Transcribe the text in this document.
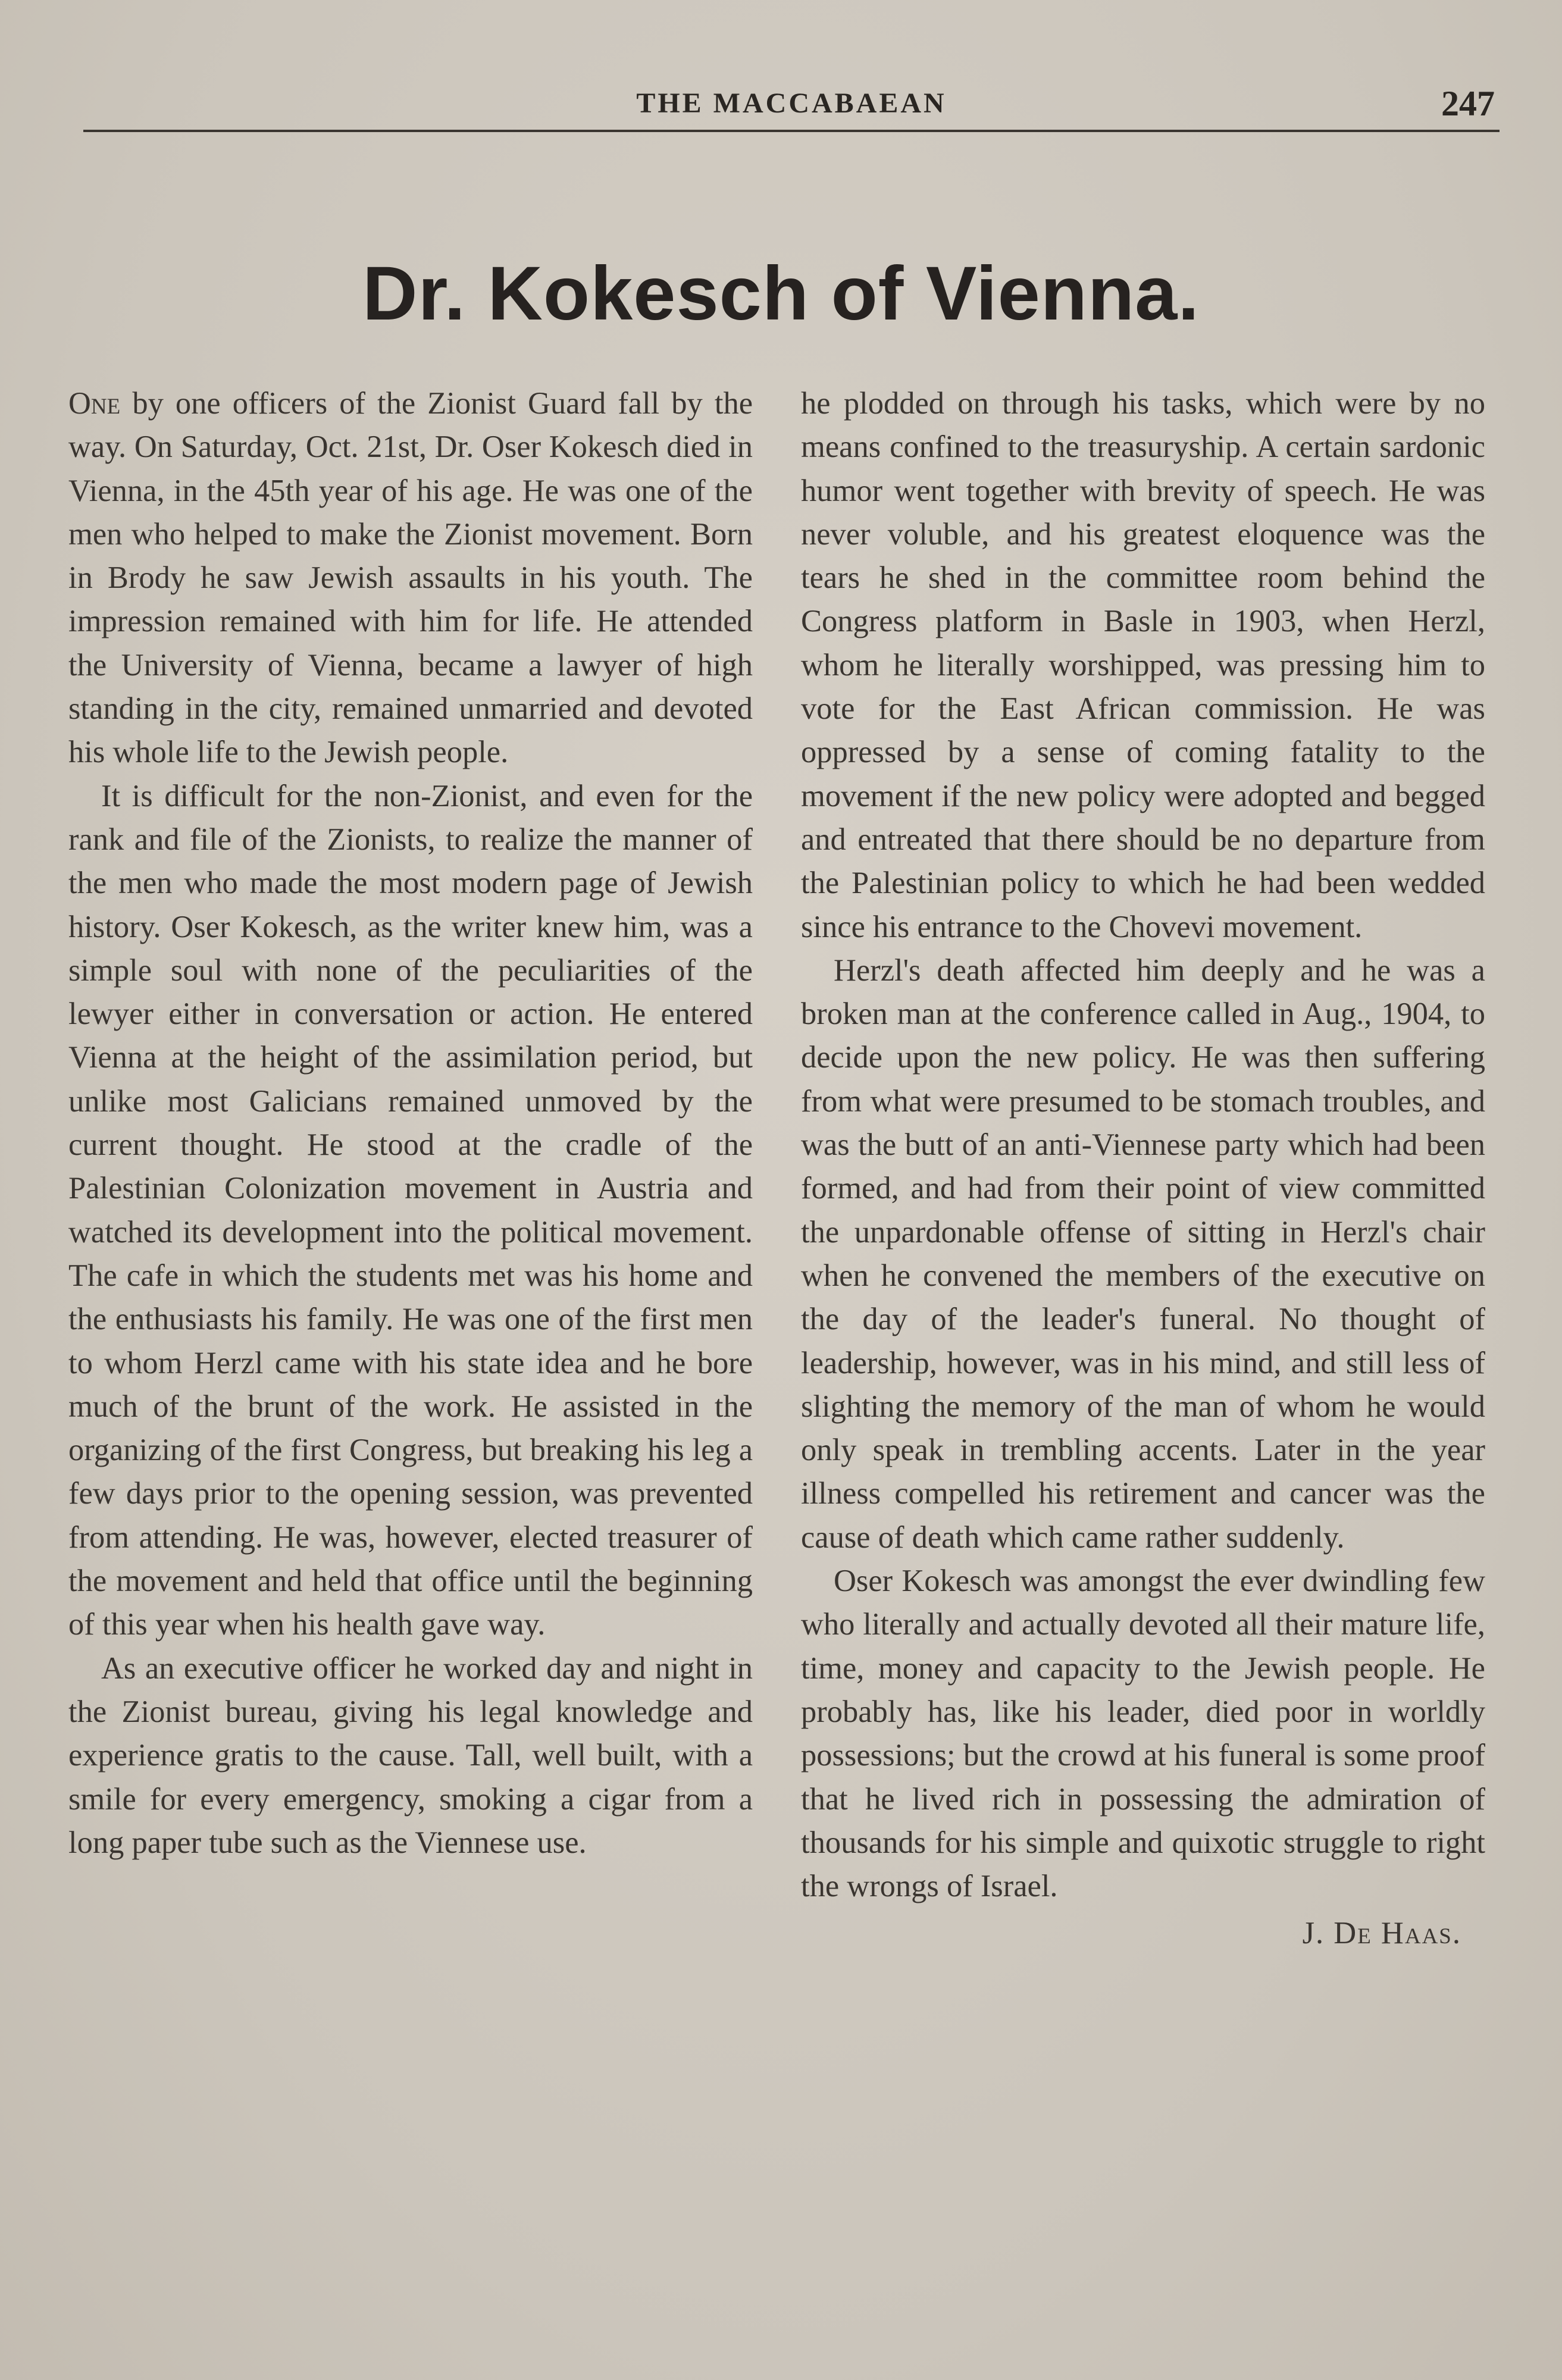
THE MACCABAEAN	247
Dr. Kokesch of Vienna.

One by one officers of the Zionist Guard fall by the way. On Saturday, Oct. 21st, Dr. Oser Kokesch died in Vienna, in the 45th year of his age. He was one of the men who helped to make the Zionist movement. Born in Brody he saw Jewish assaults in his youth. The impression remained with him for life. He attended the University of Vienna, became a lawyer of high standing in the city, remained unmarried and devoted his whole life to the Jewish people.

It is difficult for the non-Zionist, and even for the rank and file of the Zionists, to realize the manner of the men who made the most modern page of Jewish history. Oser Kokesch, as the writer knew him, was a simple soul with none of the peculiarities of the lewyer either in conversation or action. He entered Vienna at the height of the assimilation period, but unlike most Galicians remained unmoved by the current thought. He stood at the cradle of the Palestinian Colonization movement in Austria and watched its development into the political movement. The cafe in which the students met was his home and the enthusiasts his family. He was one of the first men to whom Herzl came with his state idea and he bore much of the brunt of the work. He assisted in the organizing of the first Congress, but breaking his leg a few days prior to the opening session, was prevented from attending. He was, however, elected treasurer of the movement and held that office until the beginning of this year when his health gave way.

As an executive officer he worked day and night in the Zionist bureau, giving his legal knowledge and experience gratis to the cause. Tall, well built, with a smile for every emergency, smoking a cigar from a long paper tube such as the Viennese use.

he plodded on through his tasks, which were by no means confined to the treasuryship. A certain sardonic humor went together with brevity of speech. He was never voluble, and his greatest eloquence was the tears he shed in the committee room behind the Congress platform in Basle in 1903, when Herzl, whom he literally worshipped, was pressing him to vote for the East African commission. He was oppressed by a sense of coming fatality to the movement if the new policy were adopted and begged and entreated that there should be no departure from the Palestinian policy to which he had been wedded since his entrance to the Chovevi movement.

Herzl's death affected him deeply and he was a broken man at the conference called in Aug., 1904, to decide upon the new policy. He was then suffering from what were presumed to be stomach troubles, and was the butt of an anti-Viennese party which had been formed, and had from their point of view committed the unpardonable offense of sitting in Herzl's chair when he convened the members of the executive on the day of the leader's funeral. No thought of leadership, however, was in his mind, and still less of slighting the memory of the man of whom he would only speak in trembling accents. Later in the year illness compelled his retirement and cancer was the cause of death which came rather suddenly.

Oser Kokesch was amongst the ever dwindling few who literally and actually devoted all their mature life, time, money and capacity to the Jewish people. He probably has, like his leader, died poor in worldly possessions; but the crowd at his funeral is some proof that he lived rich in possessing the admiration of thousands for his simple and quixotic struggle to right the wrongs of Israel.

J. De Haas.
